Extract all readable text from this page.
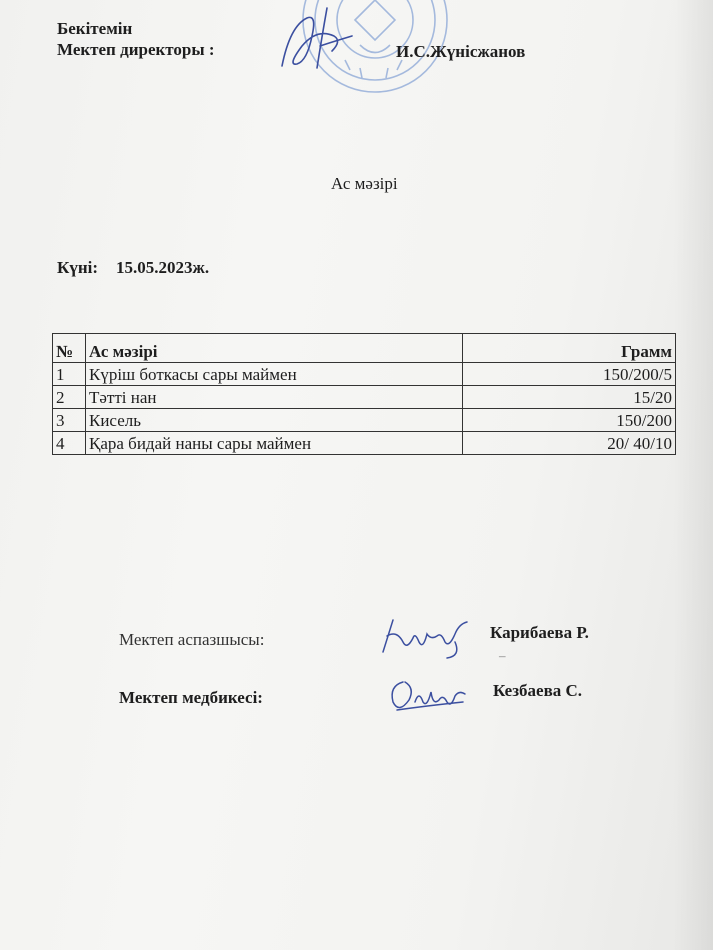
Бекітемін
Мектеп директоры :	И.С.Жүнісжанов
Ас мәзірі
Күні: 15.05.2023ж.
№	Ас мәзірі	Грамм
1	Күріш боткасы сары маймен	150/200/5
2	Тәтті нан	15/20
3	Кисель	150/200
4	Қара бидай наны сары маймен	20/ 40/10
Мектеп аспазшысы:	Карибаева Р.
–
Мектеп медбикесі:	Кезбаева С.
